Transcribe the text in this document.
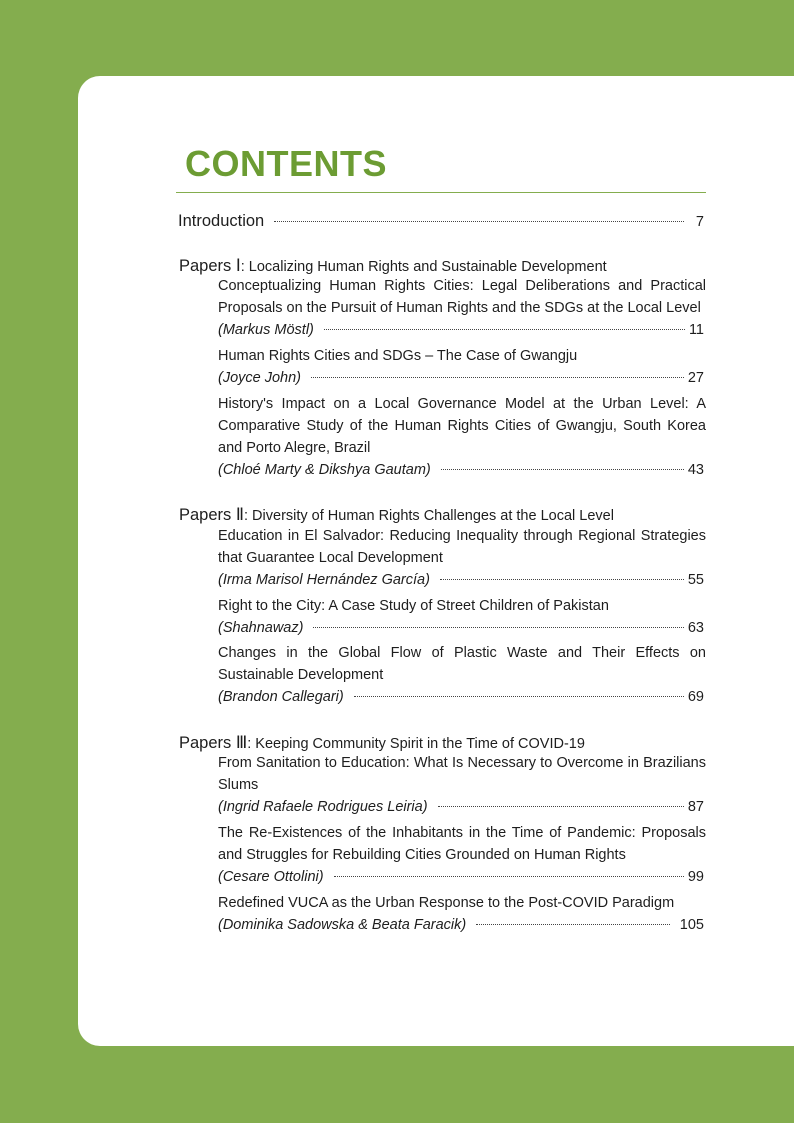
CONTENTS
Introduction	7
Papers Ⅰ: Localizing Human Rights and Sustainable Development
Conceptualizing Human Rights Cities: Legal Deliberations and Practical
Proposals on the Pursuit of Human Rights and the SDGs at the Local Level
(Markus Möstl)	11
Human Rights Cities and SDGs – The Case of Gwangju
(Joyce John)	27
History's Impact on a Local Governance Model at the Urban Level: A
Comparative Study of the Human Rights Cities of Gwangju, South Korea
and Porto Alegre, Brazil
(Chloé Marty & Dikshya Gautam)	43
Papers Ⅱ: Diversity of Human Rights Challenges at the Local Level
Education in El Salvador: Reducing Inequality through Regional Strategies
that Guarantee Local Development
(Irma Marisol Hernández García)	55
Right to the City: A Case Study of Street Children of Pakistan
(Shahnawaz)	63
Changes in the Global Flow of Plastic Waste and Their Effects on
Sustainable Development
(Brandon Callegari)	69
Papers Ⅲ: Keeping Community Spirit in the Time of COVID-19
From Sanitation to Education: What Is Necessary to Overcome in Brazilians
Slums
(Ingrid Rafaele Rodrigues Leiria)	87
The Re-Existences of the Inhabitants in the Time of Pandemic: Proposals
and Struggles for Rebuilding Cities Grounded on Human Rights
(Cesare Ottolini)	99
Redefined VUCA as the Urban Response to the Post-COVID Paradigm
(Dominika Sadowska & Beata Faracik)	105
